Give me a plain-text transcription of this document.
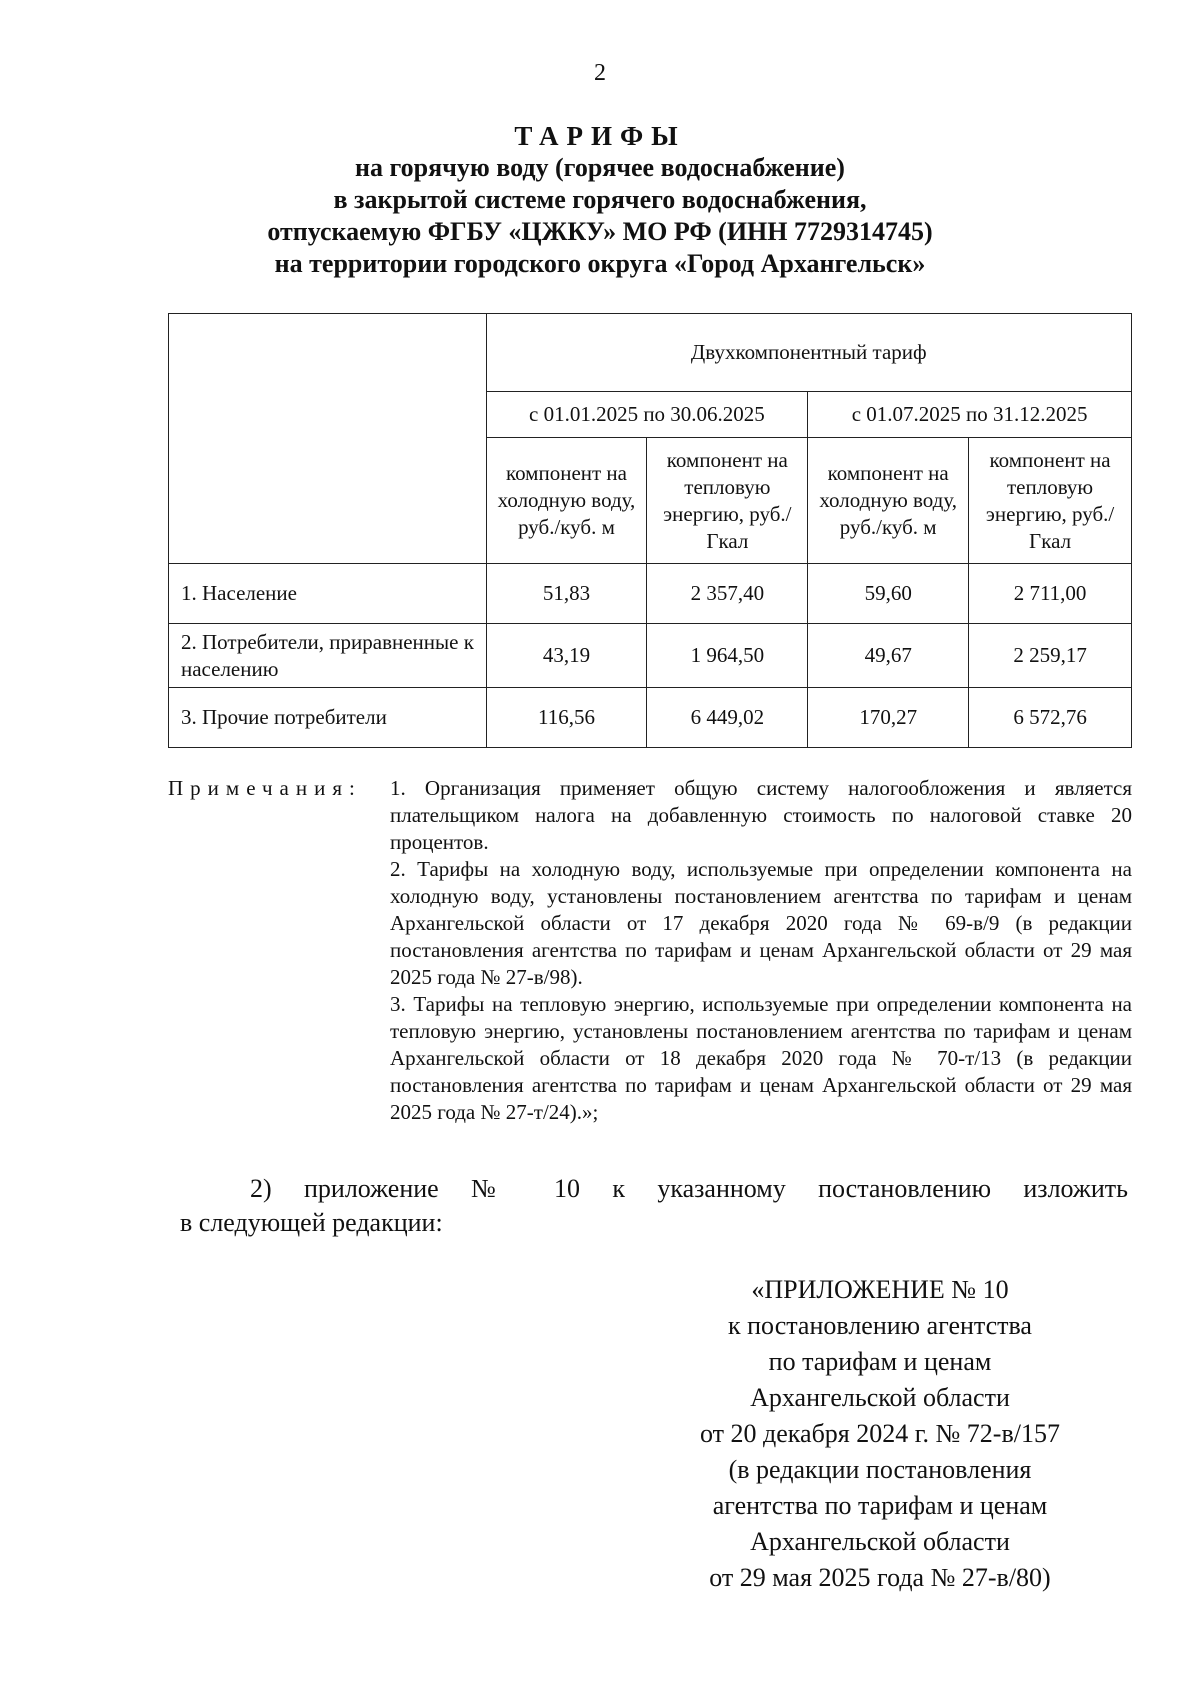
2
ТАРИФЫ
на горячую воду (горячее водоснабжение)
в закрытой системе горячего водоснабжения,
отпускаемую ФГБУ «ЦЖКУ» МО РФ (ИНН 7729314745)
на территории городского округа «Город Архангельск»
	Двухкомпонентный тариф			
	с 01.01.2025 по 30.06.2025		с 01.07.2025 по 31.12.2025	
	компонент на холодную воду, руб./куб. м	компонент на тепловую энергию, руб./Гкал	компонент на холодную воду, руб./куб. м	компонент на тепловую энергию, руб./Гкал
1. Население	51,83	2 357,40	59,60	2 711,00
2. Потребители, приравненные к населению	43,19	1 964,50	49,67	2 259,17
3. Прочие потребители	116,56	6 449,02	170,27	6 572,76
Примечания: 1. Организация применяет общую систему налогообложения и является плательщиком налога на добавленную стоимость по налоговой ставке 20 процентов.

2. Тарифы на холодную воду, используемые при определении компонента на холодную воду, установлены постановлением агентства по тарифам и ценам Архангельской области от 17 декабря 2020 года № 69-в/9 (в редакции постановления агентства по тарифам и ценам Архангельской области от 29 мая 2025 года № 27-в/98).

3. Тарифы на тепловую энергию, используемые при определении компонента на тепловую энергию, установлены постановлением агентства по тарифам и ценам Архангельской области от 18 декабря 2020 года № 70-т/13 (в редакции постановления агентства по тарифам и ценам Архангельской области от 29 мая 2025 года № 27-т/24).»;

2) приложение № 10 к указанному постановлению изложить
в следующей редакции:
«ПРИЛОЖЕНИЕ № 10
к постановлению агентства
по тарифам и ценам
Архангельской области
от 20 декабря 2024 г. № 72-в/157
(в редакции постановления
агентства по тарифам и ценам
Архангельской области
от 29 мая 2025 года № 27-в/80)
